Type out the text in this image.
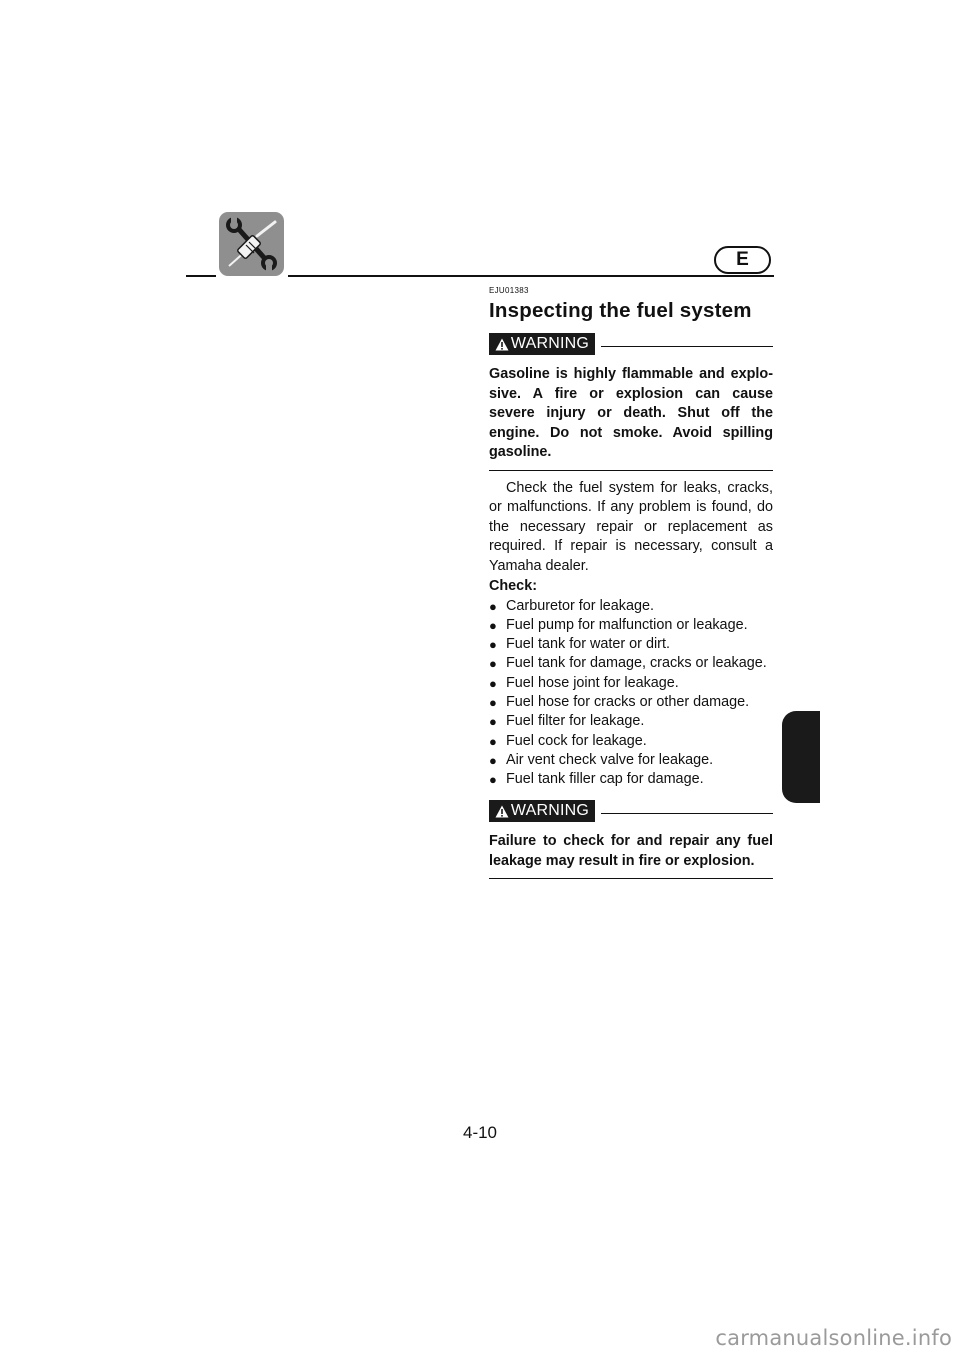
E

EJU01383

Inspecting the fuel system
WARNING

Gasoline is highly flammable and explo-sive. A fire or explosion can cause severe injury or death. Shut off the engine. Do not smoke. Avoid spilling gasoline.

Check the fuel system for leaks, cracks, or malfunctions. If any problem is found, do the necessary repair or replacement as required. If repair is necessary, consult a Yamaha dealer.

Check:

● Carburetor for leakage.
● Fuel pump for malfunction or leakage.
● Fuel tank for water or dirt.
● Fuel tank for damage, cracks or leakage.
● Fuel hose joint for leakage.
● Fuel hose for cracks or other damage.
● Fuel filter for leakage.
● Fuel cock for leakage.
● Air vent check valve for leakage.
● Fuel tank filler cap for damage.
WARNING

Failure to check for and repair any fuel leakage may result in fire or explosion.

4-10
carmanualsonline.info
